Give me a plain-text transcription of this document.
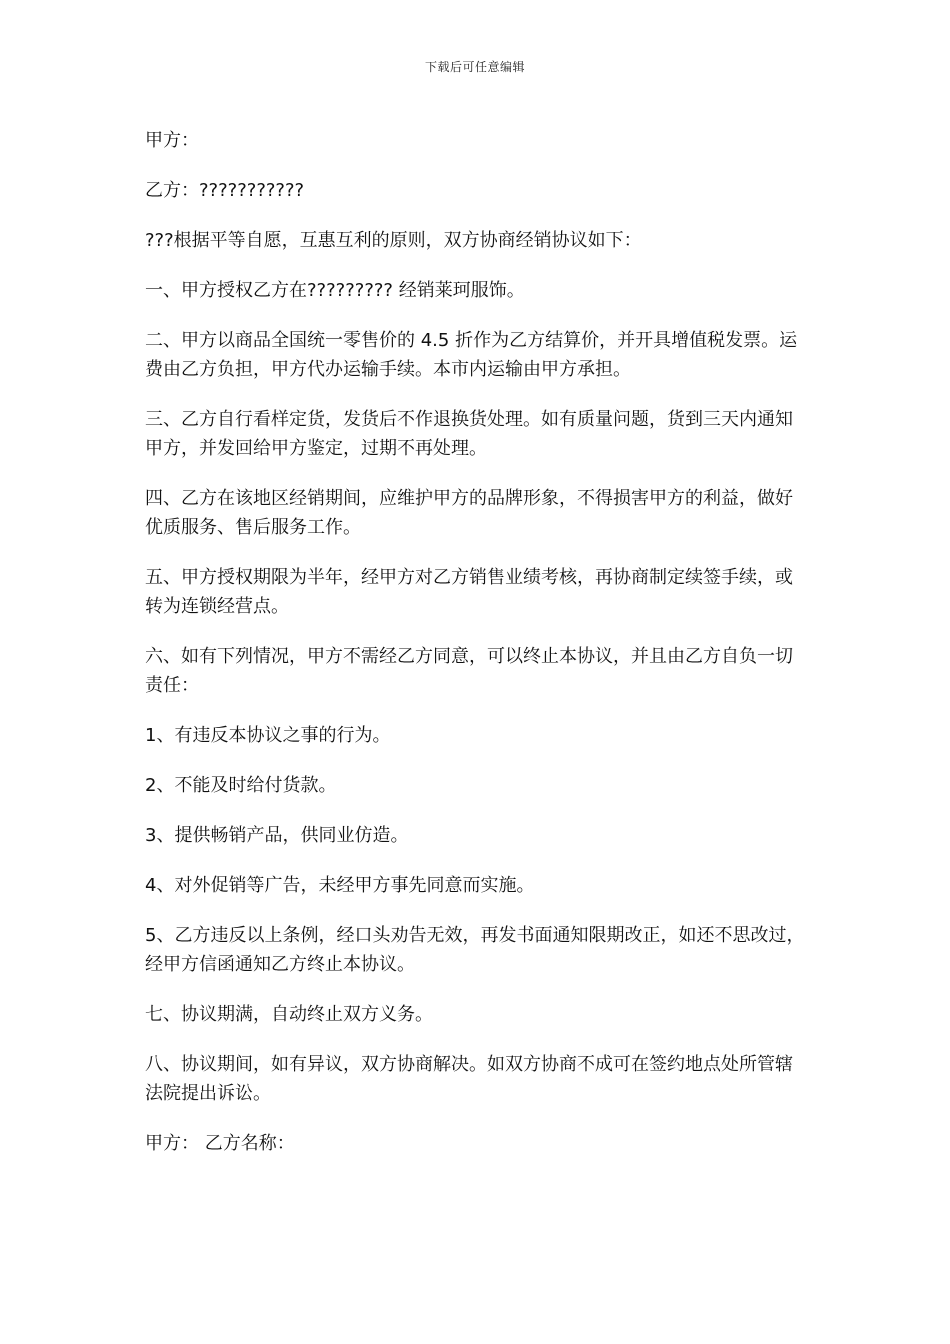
下载后可任意编辑

甲方：

乙方：???????????

???根据平等自愿，互惠互利的原则，双方协商经销协议如下：

一、甲方授权乙方在????????? 经销莱珂服饰。

二、甲方以商品全国统一零售价的 4.5 折作为乙方结算价，并开具增值税发票。运费由乙方负担，甲方代办运输手续。本市内运输由甲方承担。

三、乙方自行看样定货，发货后不作退换货处理。如有质量问题，货到三天内通知甲方，并发回给甲方鉴定，过期不再处理。

四、乙方在该地区经销期间，应维护甲方的品牌形象，不得损害甲方的利益，做好优质服务、售后服务工作。

五、甲方授权期限为半年，经甲方对乙方销售业绩考核，再协商制定续签手续，或转为连锁经营点。

六、如有下列情况，甲方不需经乙方同意，可以终止本协议，并且由乙方自负一切责任：

1、有违反本协议之事的行为。

2、不能及时给付货款。

3、提供畅销产品，供同业仿造。

4、对外促销等广告，未经甲方事先同意而实施。

5、乙方违反以上条例，经口头劝告无效，再发书面通知限期改正，如还不思改过，经甲方信函通知乙方终止本协议。

七、协议期满，自动终止双方义务。

八、协议期间，如有异议，双方协商解决。如双方协商不成可在签约地点处所管辖法院提出诉讼。

甲方： 乙方名称：
